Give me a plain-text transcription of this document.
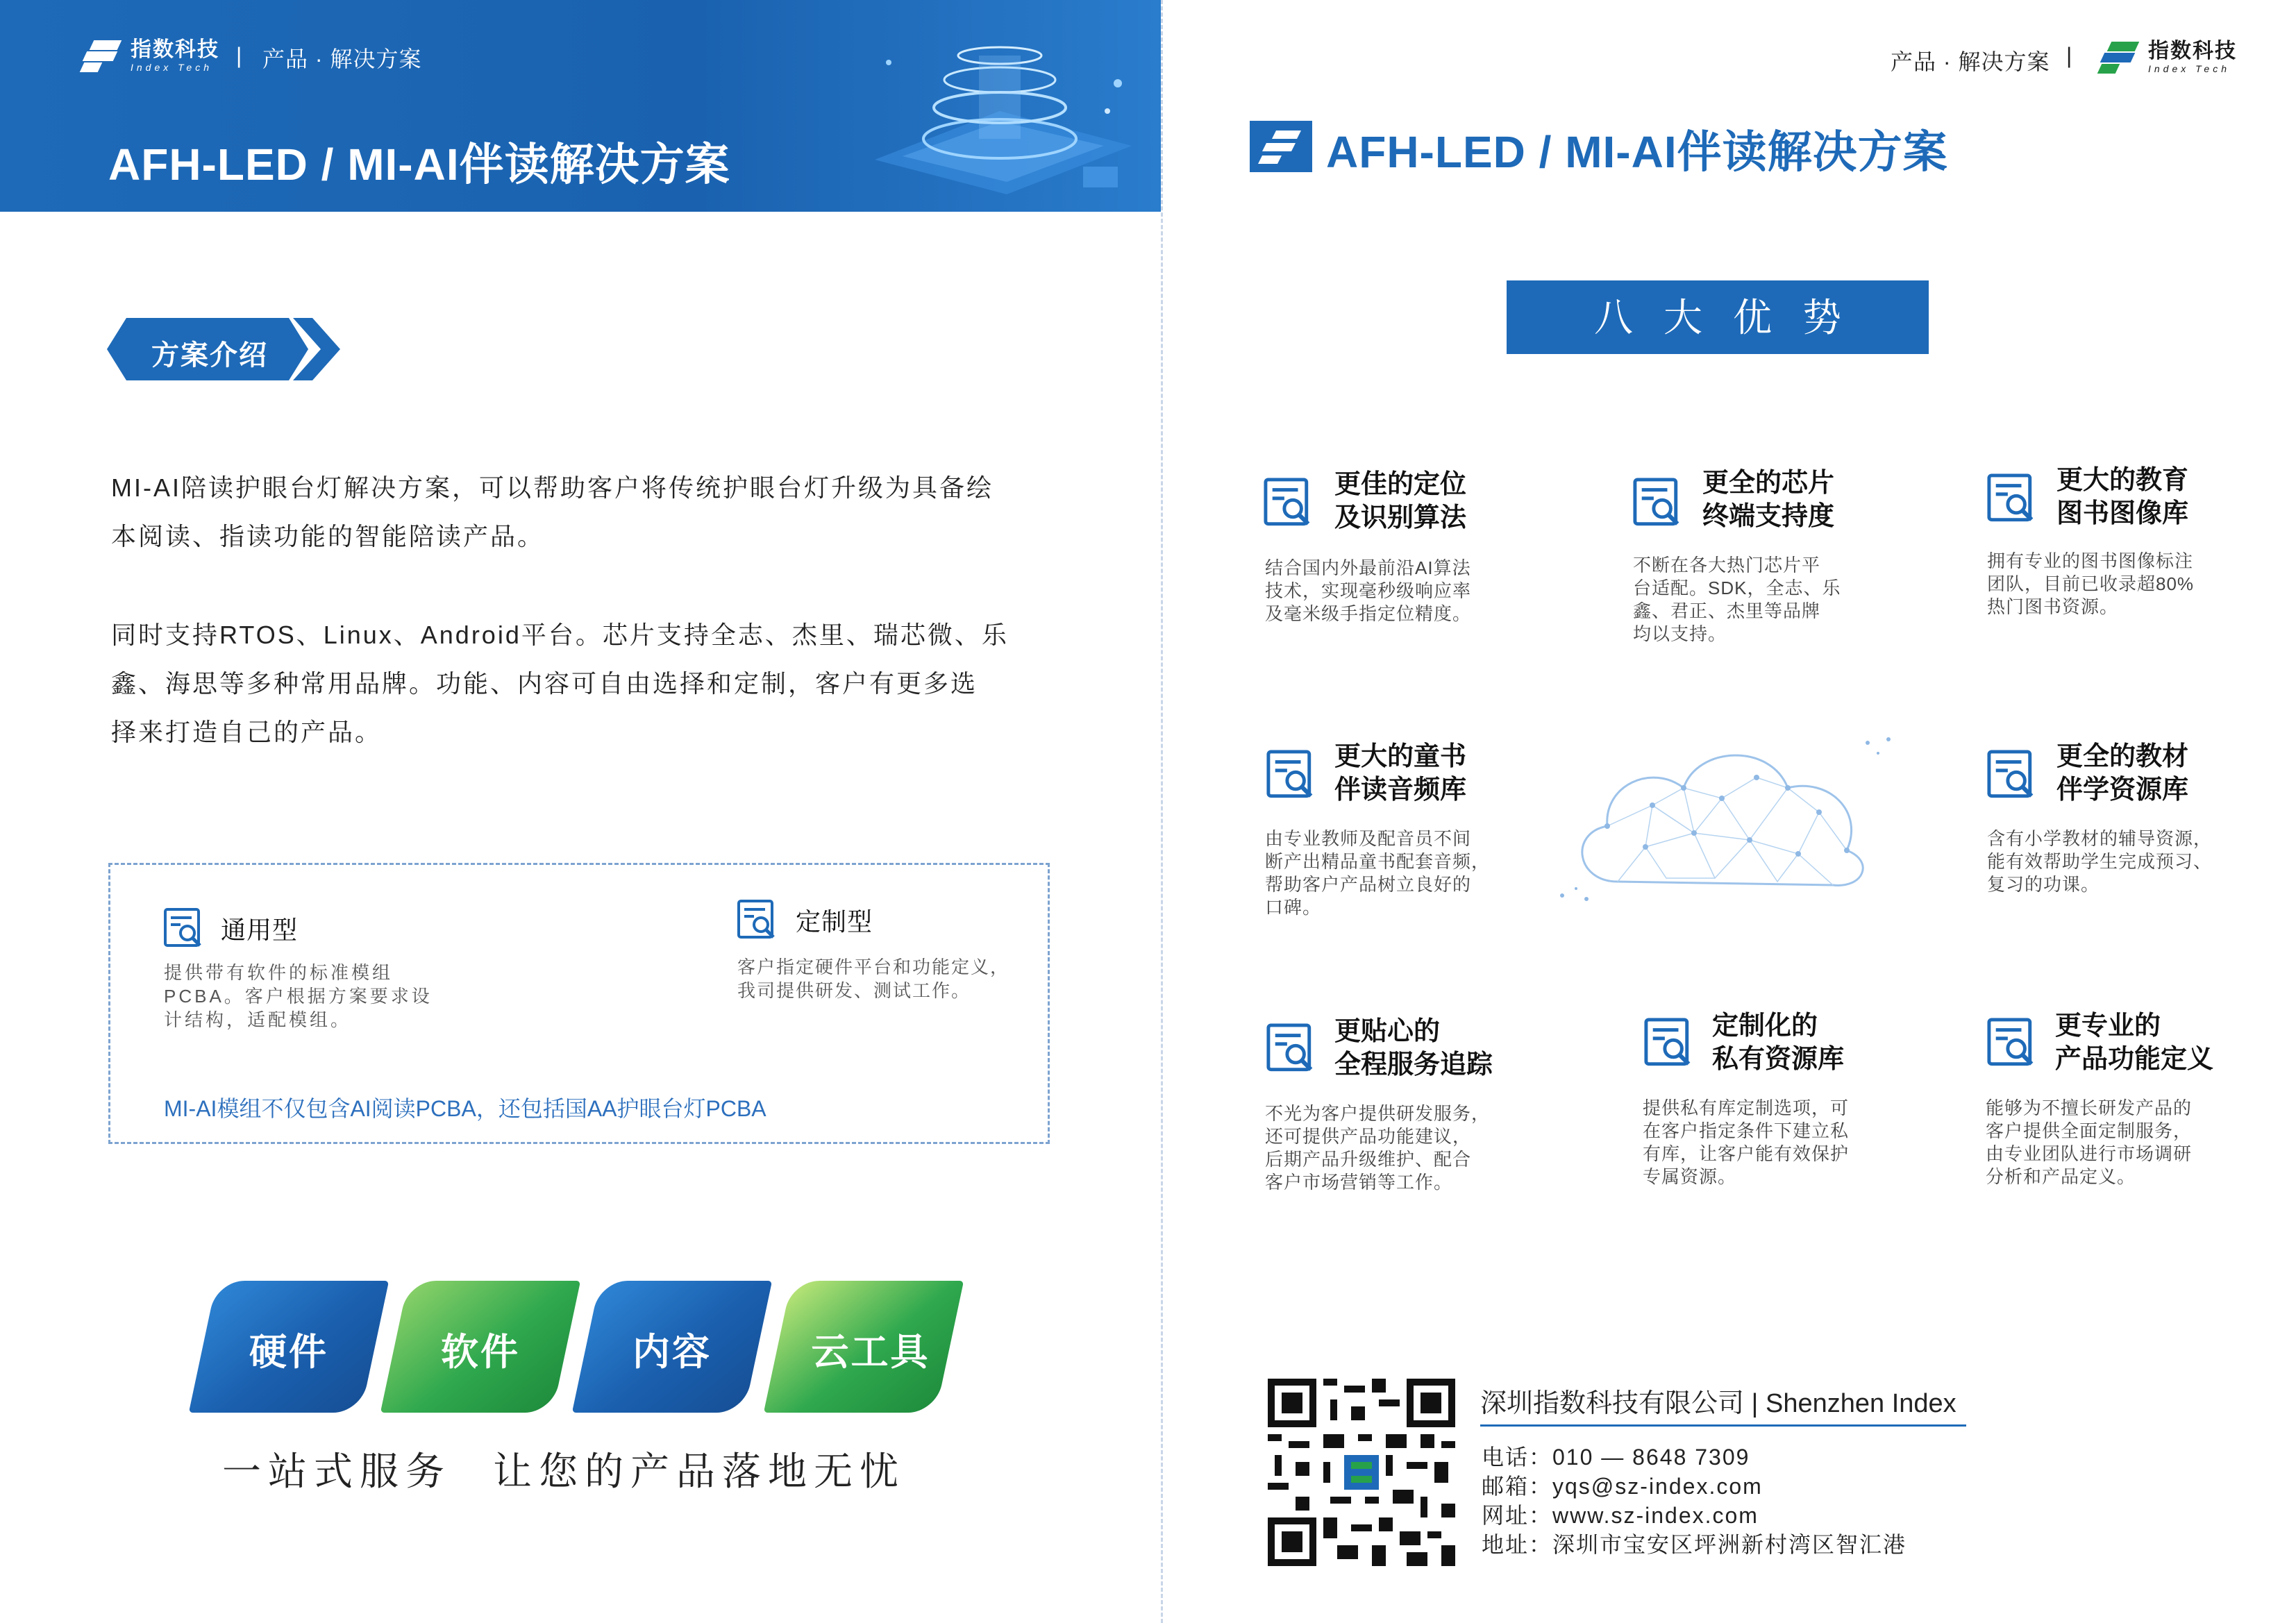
指数科技
Index Tech	| 产品 · 解决方案
AFH-LED / MI-AI伴读解决方案
方案介绍
MI-AI陪读护眼台灯解决方案，可以帮助客户将传统护眼台灯升级为具备绘
本阅读、指读功能的智能陪读产品。
同时支持RTOS、Linux、Android平台。芯片支持全志、杰里、瑞芯微、乐
鑫、海思等多种常用品牌。功能、内容可自由选择和定制，客户有更多选
择来打造自己的产品。
通用型
提供带有软件的标准模组
PCBA。客户根据方案要求设
计结构，适配模组。
定制型
客户指定硬件平台和功能定义，
我司提供研发、测试工作。
MI-AI模组不仅包含AI阅读PCBA，还包括国AA护眼台灯PCBA
硬件	软件	内容	云工具
一站式服务 让您的产品落地无忧
产品 · 解决方案 |	指数科技
Index Tech
AFH-LED / MI-AI伴读解决方案
八大优势
更佳的定位
及识别算法
结合国内外最前沿AI算法
技术，实现毫秒级响应率
及毫米级手指定位精度。
更全的芯片
终端支持度
不断在各大热门芯片平
台适配。SDK，全志、乐
鑫、君正、杰里等品牌
均以支持。
更大的教育
图书图像库
拥有专业的图书图像标注
团队，目前已收录超80%
热门图书资源。
更大的童书
伴读音频库
由专业教师及配音员不间
断产出精品童书配套音频，
帮助客户产品树立良好的
口碑。
更全的教材
伴学资源库
含有小学教材的辅导资源，
能有效帮助学生完成预习、
复习的功课。
更贴心的
全程服务追踪
不光为客户提供研发服务，
还可提供产品功能建议，
后期产品升级维护、配合
客户市场营销等工作。
定制化的
私有资源库
提供私有库定制选项，可
在客户指定条件下建立私
有库，让客户能有效保护
专属资源。
更专业的
产品功能定义
能够为不擅长研发产品的
客户提供全面定制服务，
由专业团队进行市场调研
分析和产品定义。
深圳指数科技有限公司 | Shenzhen Index
电话：010 — 8648 7309
邮箱：yqs@sz-index.com
网址：www.sz-index.com
地址：深圳市宝安区坪洲新村湾区智汇港
